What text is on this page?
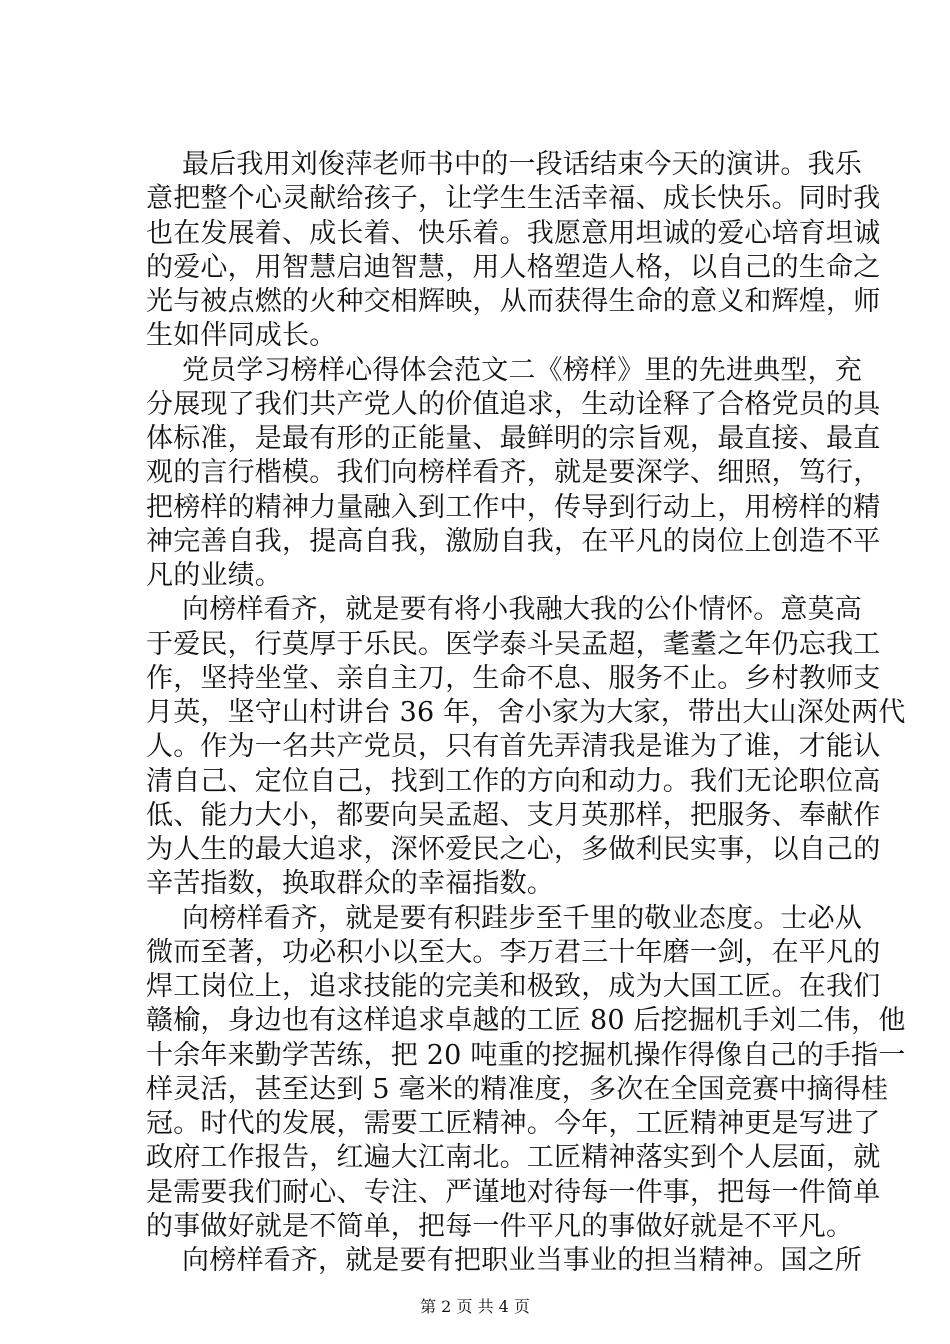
最后我用刘俊萍老师书中的一段话结束今天的演讲。我乐
意把整个心灵献给孩子，让学生生活幸福、成长快乐。同时我
也在发展着、成长着、快乐着。我愿意用坦诚的爱心培育坦诚
的爱心，用智慧启迪智慧，用人格塑造人格，以自己的生命之
光与被点燃的火种交相辉映，从而获得生命的意义和辉煌，师
生如伴同成长。
党员学习榜样心得体会范文二《榜样》里的先进典型，充
分展现了我们共产党人的价值追求，生动诠释了合格党员的具
体标准，是最有形的正能量、最鲜明的宗旨观，最直接、最直
观的言行楷模。我们向榜样看齐，就是要深学、细照，笃行，
把榜样的精神力量融入到工作中，传导到行动上，用榜样的精
神完善自我，提高自我，激励自我，在平凡的岗位上创造不平
凡的业绩。
向榜样看齐，就是要有将小我融大我的公仆情怀。意莫高
于爱民，行莫厚于乐民。医学泰斗吴孟超，耄耋之年仍忘我工
作，坚持坐堂、亲自主刀，生命不息、服务不止。乡村教师支
月英，坚守山村讲台 36 年，舍小家为大家，带出大山深处两代
人。作为一名共产党员，只有首先弄清我是谁为了谁，才能认
清自己、定位自己，找到工作的方向和动力。我们无论职位高
低、能力大小，都要向吴孟超、支月英那样，把服务、奉献作
为人生的最大追求，深怀爱民之心，多做利民实事，以自己的
辛苦指数，换取群众的幸福指数。
向榜样看齐，就是要有积跬步至千里的敬业态度。士必从
微而至著，功必积小以至大。李万君三十年磨一剑，在平凡的
焊工岗位上，追求技能的完美和极致，成为大国工匠。在我们
赣榆，身边也有这样追求卓越的工匠 80 后挖掘机手刘二伟，他
十余年来勤学苦练，把 20 吨重的挖掘机操作得像自己的手指一
样灵活，甚至达到 5 毫米的精准度，多次在全国竞赛中摘得桂
冠。时代的发展，需要工匠精神。今年，工匠精神更是写进了
政府工作报告，红遍大江南北。工匠精神落实到个人层面，就
是需要我们耐心、专注、严谨地对待每一件事，把每一件简单
的事做好就是不简单，把每一件平凡的事做好就是不平凡。
向榜样看齐，就是要有把职业当事业的担当精神。国之所
第 2 页 共 4 页
